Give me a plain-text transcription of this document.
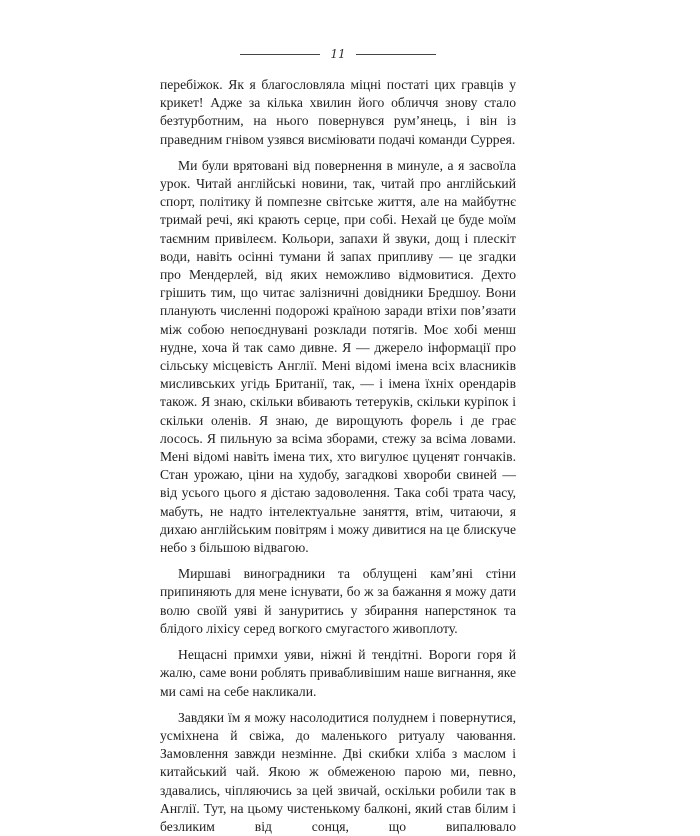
11

перебіжок. Як я благословляла міцні постаті цих гравців у крикет! Адже за кілька хвилин його обличчя знову стало безтурботним, на нього повернувся рум’янець, і він із праведним гнівом узявся висміювати подачі команди Суррея.

Ми були врятовані від повернення в минуле, а я засвоїла урок. Читай англійські новини, так, читай про англійський спорт, політику й помпезне світське життя, але на майбутнє тримай речі, які крають серце, при собі. Нехай це буде моїм таємним привілеєм. Кольори, запахи й звуки, дощ і плескіт води, навіть осінні тумани й запах припливу — це згадки про Мендерлей, від яких неможливо відмовитися. Дехто грішить тим, що читає залізничні довідники Бредшоу. Вони планують численні подорожі країною заради втіхи пов’язати між собою непоєднувані розклади потягів. Моє хобі менш нудне, хоча й так само дивне. Я — джерело інформації про сільську місцевість Англії. Мені відомі імена всіх власників мисливських угідь Британії, так, — і імена їхніх орендарів також. Я знаю, скільки вбивають тетеруків, скільки куріпок і скільки оленів. Я знаю, де вирощують форель і де грає лосось. Я пильную за всіма зборами, стежу за всіма ловами. Мені відомі навіть імена тих, хто вигулює цуценят гончаків. Стан урожаю, ціни на худобу, загадкові хвороби свиней — від усього цього я дістаю задоволення. Така собі трата часу, мабуть, не надто інтелектуальне заняття, втім, читаючи, я дихаю англійським повітрям і можу дивитися на це блискуче небо з більшою відвагою.

Миршаві виноградники та облущені кам’яні стіни припиняють для мене існувати, бо ж за бажання я можу дати волю своїй уяві й зануритись у збирання наперстянок та блідого ліхісу серед вогкого смугастого живоплоту.

Нещасні примхи уяви, ніжні й тендітні. Вороги горя й жалю, саме вони роблять привабливішим наше вигнання, яке ми самі на себе накликали.

Завдяки їм я можу насолодитися полуднем і повернутися, усміхнена й свіжа, до маленького ритуалу чаювання. Замовлення завжди незмінне. Дві скибки хліба з маслом і китайський чай. Якою ж обмеженою парою ми, певно, здавались, чіпляючись за цей звичай, оскільки робили так в Англії. Тут, на цьому чистенькому балконі, який став білим і безликим від сонця, що випалювало
